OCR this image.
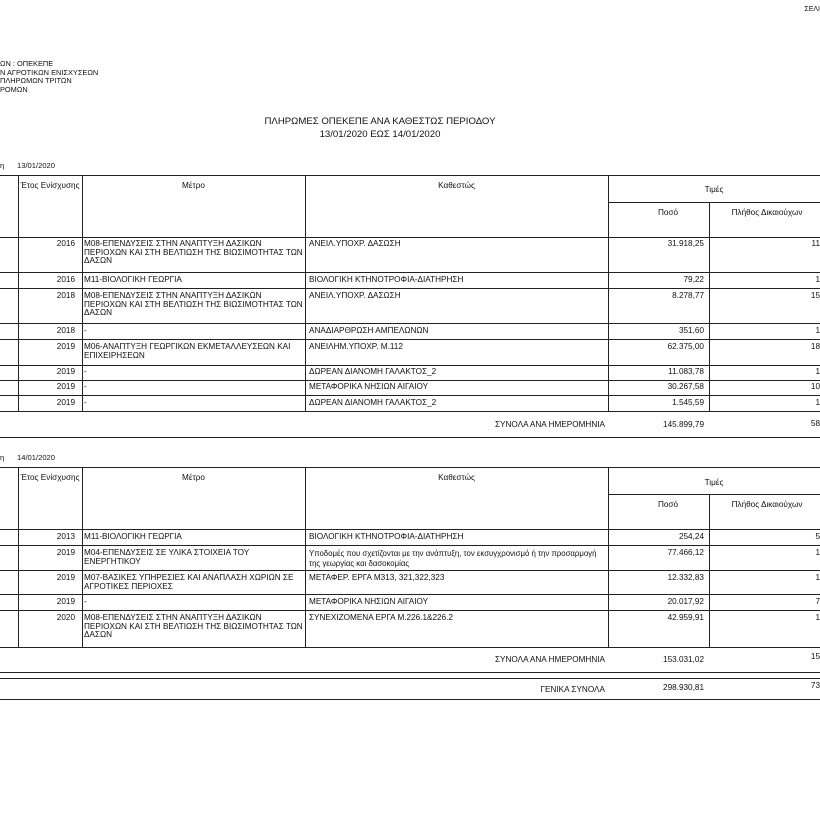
ΣΕΛΙ
ΩΝ : ΟΠΕΚΕΠΕ
Ν ΑΓΡΟΤΙΚΩΝ ΕΝΙΣΧΥΣΕΩΝ
ΠΛΗΡΩΜΩΝ ΤΡΙΤΩΝ
ΡΟΜΩΝ
ΠΛΗΡΩΜΕΣ ΟΠΕΚΕΠΕ ΑΝΑ ΚΑΘΕΣΤΩΣ ΠΕΡΙΟΔΟΥ
13/01/2020 ΕΩΣ 14/01/2020
η 13/01/2020
Έτος Ενίσχυσης	Μέτρο	Καθεστώς	Τιμές
Ποσό	Πλήθος Δικαιούχων
2016 Μ08-ΕΠΕΝΔΥΣΕΙΣ ΣΤΗΝ ΑΝΑΠΤΥΞΗ ΔΑΣΙΚΩΝ ΠΕΡΙΟΧΩΝ ΚΑΙ ΣΤΗ ΒΕΛΤΙΩΣΗ ΤΗΣ ΒΙΩΣΙΜΟΤΗΤΑΣ ΤΩΝ ΔΑΣΩΝ
ΑΝΕΙΛ.ΥΠΟΧΡ. ΔΑΣΩΣΗ	31.918,25	11
2016 Μ11-ΒΙΟΛΟΓΙΚΗ ΓΕΩΡΓΙΑ	ΒΙΟΛΟΓΙΚΗ ΚΤΗΝΟΤΡΟΦΙΑ-ΔΙΑΤΗΡΗΣΗ	79,22	1
2018 Μ08-ΕΠΕΝΔΥΣΕΙΣ ΣΤΗΝ ΑΝΑΠΤΥΞΗ ΔΑΣΙΚΩΝ ΠΕΡΙΟΧΩΝ ΚΑΙ ΣΤΗ ΒΕΛΤΙΩΣΗ ΤΗΣ ΒΙΩΣΙΜΟΤΗΤΑΣ ΤΩΝ ΔΑΣΩΝ
ΑΝΕΙΛ.ΥΠΟΧΡ. ΔΑΣΩΣΗ	8.278,77	15
2018 -	ΑΝΑΔΙΑΡΘΡΩΣΗ ΑΜΠΕΛΩΝΩΝ	351,60	1
2019 Μ06-ΑΝΑΠΤΥΞΗ ΓΕΩΡΓΙΚΩΝ ΕΚΜΕΤΑΛΛΕΥΣΕΩΝ ΚΑΙ ΕΠΙΧΕΙΡΗΣΕΩΝ
ΑΝΕΙΛΗΜ.ΥΠΟΧΡ. Μ.112	62.375,00	18
2019 -	ΔΩΡΕΑΝ ΔΙΑΝΟΜΗ ΓΑΛΑΚΤΟΣ_2	11.083,78	1
2019 -	ΜΕΤΑΦΟΡΙΚΑ ΝΗΣΙΩΝ ΑΙΓΑΙΟΥ	30.267,58	10
2019 -	ΔΩΡΕΑΝ ΔΙΑΝΟΜΗ ΓΑΛΑΚΤΟΣ_2	1.545,59	1
ΣΥΝΟΛΑ ΑΝΑ ΗΜΕΡΟΜΗΝΙΑ	145.899,79	58
η 14/01/2020
Έτος Ενίσχυσης	Μέτρο	Καθεστώς
Τιμές
Ποσό	Πλήθος Δικαιούχων
2013 Μ11-ΒΙΟΛΟΓΙΚΗ ΓΕΩΡΓΙΑ	ΒΙΟΛΟΓΙΚΗ ΚΤΗΝΟΤΡΟΦΙΑ-ΔΙΑΤΗΡΗΣΗ	254,24	5
2019 Μ04-ΕΠΕΝΔΥΣΕΙΣ ΣΕ ΥΛΙΚΑ ΣΤΟΙΧΕΙΑ ΤΟΥ ΕΝΕΡΓΗΤΙΚΟΥ
Υποδομές που σχετίζονται με την ανάπτυξη, τον εκσυγχρονισμό ή την προσαρμογή της γεωργίας και δασοκομίας
77.466,12	1
2019 Μ07-ΒΑΣΙΚΕΣ ΥΠΗΡΕΣΙΕΣ ΚΑΙ ΑΝΑΠΛΑΣΗ ΧΩΡΙΩΝ ΣΕ ΑΓΡΟΤΙΚΕΣ ΠΕΡΙΟΧΕΣ
ΜΕΤΑΦΕΡ. ΕΡΓΑ Μ313, 321,322,323	12.332,83	1
2019 -	ΜΕΤΑΦΟΡΙΚΑ ΝΗΣΙΩΝ ΑΙΓΑΙΟΥ	20.017,92	7
2020 Μ08-ΕΠΕΝΔΥΣΕΙΣ ΣΤΗΝ ΑΝΑΠΤΥΞΗ ΔΑΣΙΚΩΝ ΠΕΡΙΟΧΩΝ ΚΑΙ ΣΤΗ ΒΕΛΤΙΩΣΗ ΤΗΣ ΒΙΩΣΙΜΟΤΗΤΑΣ ΤΩΝ ΔΑΣΩΝ
ΣΥΝΕΧΙΖΟΜΕΝΑ ΕΡΓΑ Μ.226.1&226.2	42.959,91	1
ΣΥΝΟΛΑ ΑΝΑ ΗΜΕΡΟΜΗΝΙΑ	153.031,02	15
ΓΕΝΙΚΑ ΣΥΝΟΛΑ	298.930,81	73
